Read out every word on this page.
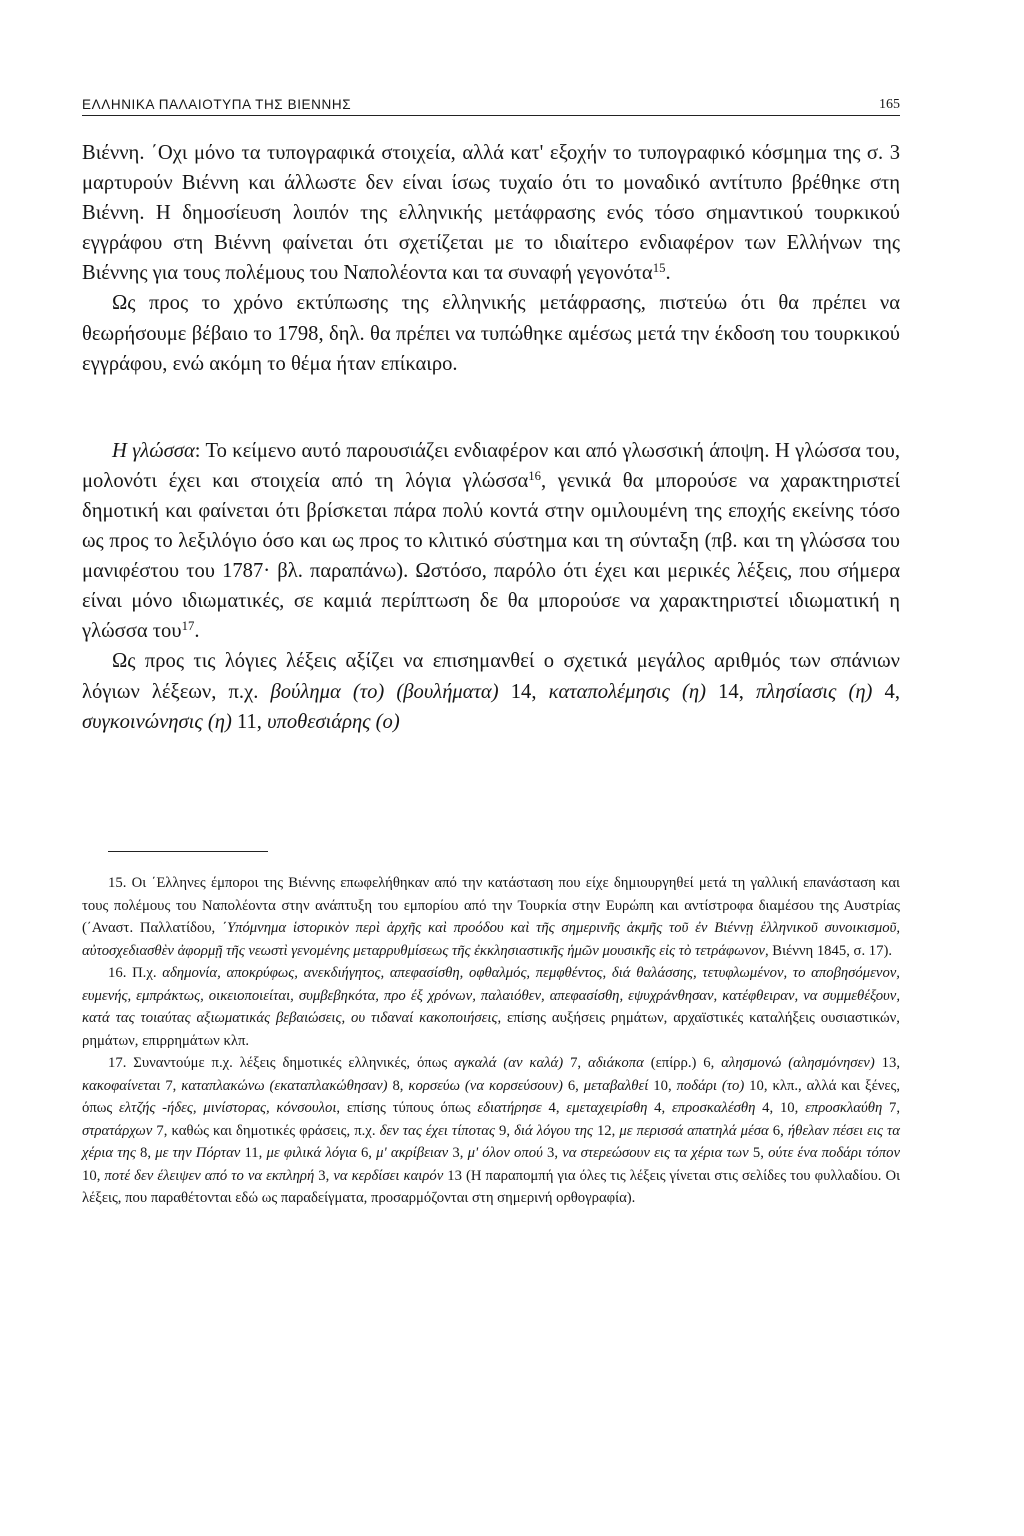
ΕΛΛΗΝΙΚΑ ΠΑΛΑΙΟΤΥΠΑ ΤΗΣ ΒΙΕΝΝΗΣ	165

Βιέννη. ΄Οχι μόνο τα τυπογραφικά στοιχεία, αλλά κατ' εξοχήν το τυπογραφικό κόσμημα της σ. 3 μαρτυρούν Βιέννη και άλλωστε δεν είναι ίσως τυχαίο ότι το μοναδικό αντίτυπο βρέθηκε στη Βιέννη. Η δημοσίευση λοιπόν της ελληνικής μετάφρασης ενός τόσο σημαντικού τουρκικού εγγράφου στη Βιέννη φαίνεται ότι σχετίζεται με το ιδιαίτερο ενδιαφέρον των Ελλήνων της Βιέννης για τους πολέμους του Ναπολέοντα και τα συναφή γεγονότα$^{15}$.

Ως προς το χρόνο εκτύπωσης της ελληνικής μετάφρασης, πιστεύω ότι θα πρέπει να θεωρήσουμε βέβαιο το 1798, δηλ. θα πρέπει να τυπώθηκε αμέσως μετά την έκδοση του τουρκικού εγγράφου, ενώ ακόμη το θέμα ήταν επίκαιρο.

Η γλώσσα: Το κείμενο αυτό παρουσιάζει ενδιαφέρον και από γλωσσική άποψη. Η γλώσσα του, μολονότι έχει και στοιχεία από τη λόγια γλώσσα$^{16}$, γενικά θα μπορούσε να χαρακτηριστεί δημοτική και φαίνεται ότι βρίσκεται πάρα πολύ κοντά στην ομιλουμένη της εποχής εκείνης τόσο ως προς το λεξιλόγιο όσο και ως προς το κλιτικό σύστημα και τη σύνταξη (πβ. και τη γλώσσα του μανιφέστου του 1787· βλ. παραπάνω). Ωστόσο, παρόλο ότι έχει και μερικές λέξεις, που σήμερα είναι μόνο ιδιωματικές, σε καμιά περίπτωση δε θα μπορούσε να χαρακτηριστεί ιδιωματική η γλώσσα του$^{17}$.

Ως προς τις λόγιες λέξεις αξίζει να επισημανθεί ο σχετικά μεγάλος αριθμός των σπάνιων λόγιων λέξεων, π.χ. βούλημα (το) (βουλήματα) 14, καταπολέμησις (η) 14, πλησίασις (η) 4, συγκοινώνησις (η) 11, υποθεσιάρης (ο)

15. Οι ΄Ελληνες έμποροι της Βιέννης επωφελήθηκαν από την κατάσταση που είχε δημιουργηθεί μετά τη γαλλική επανάσταση και τους πολέμους του Ναπολέοντα στην ανάπτυξη του εμπορίου από την Τουρκία στην Ευρώπη και αντίστροφα διαμέσου της Αυστρίας (΄Αναστ. Παλλατίδου, ΄Υπόμνημα ἱστορικὸν περὶ ἀρχῆς καὶ προόδου καὶ τῆς σημερινῆς ἀκμῆς τοῦ ἐν Βιέννῃ ἑλληνικοῦ συνοικισμοῦ, αὐτοσχεδιασθὲν ἀφορμῇ τῆς νεωστὶ γενομένης μεταρρυθμίσεως τῆς ἐκκλησιαστικῆς ἡμῶν μουσικῆς εἰς τὸ τετράφωνον, Βιέννη 1845, σ. 17).

16. Π.χ. αδημονία, αποκρύφως, ανεκδιήγητος, απεφασίσθη, οφθαλμός, πεμφθέντος, διά θαλάσσης, τετυφλωμένον, το αποβησόμενον, ευμενής, εμπράκτως, οικειοποιείται, συμβεβηκότα, προ έξ χρόνων, παλαιόθεν, απεφασίσθη, εψυχράνθησαν, κατέφθειραν, να συμμεθέξουν, κατά τας τοιαύτας αξιωματικάς βεβαιώσεις, ου τιδαναί κακοποιήσεις, επίσης αυξήσεις ρημάτων, αρχαϊστικές καταλήξεις ουσιαστικών, ρημάτων, επιρρημάτων κλπ.

17. Συναντούμε π.χ. λέξεις δημοτικές ελληνικές, όπως αγκαλά (αν καλά) 7, αδιάκοπα (επίρρ.) 6, αλησμονώ (αλησμόνησεν) 13, κακοφαίνεται 7, καταπλακώνω (εκαταπλακώθησαν) 8, κορσεύω (να κορσεύσουν) 6, μεταβαλθεί 10, ποδάρι (το) 10, κλπ., αλλά και ξένες, όπως ελτζής -ήδες, μινίστορας, κόνσουλοι, επίσης τύπους όπως εδιατήρησε 4, εμεταχειρίσθη 4, επροσκαλέσθη 4, 10, επροσκλαύθη 7, στρατάρχων 7, καθώς και δημοτικές φράσεις, π.χ. δεν τας έχει τίποτας 9, διά λόγου της 12, με περισσά απατηλά μέσα 6, ήθελαν πέσει εις τα χέρια της 8, με την Πόρταν 11, με φιλικά λόγια 6, μ' ακρίβειαν 3, μ' όλον οπού 3, να στερεώσουν εις τα χέρια των 5, ούτε ένα ποδάρι τόπον 10, ποτέ δεν έλειψεν από το να εκπληρή 3, να κερδίσει καιρόν 13 (Η παραπομπή για όλες τις λέξεις γίνεται στις σελίδες του φυλλαδίου. Οι λέξεις, που παραθέτονται εδώ ως παραδείγματα, προσαρμόζονται στη σημερινή ορθογραφία).
